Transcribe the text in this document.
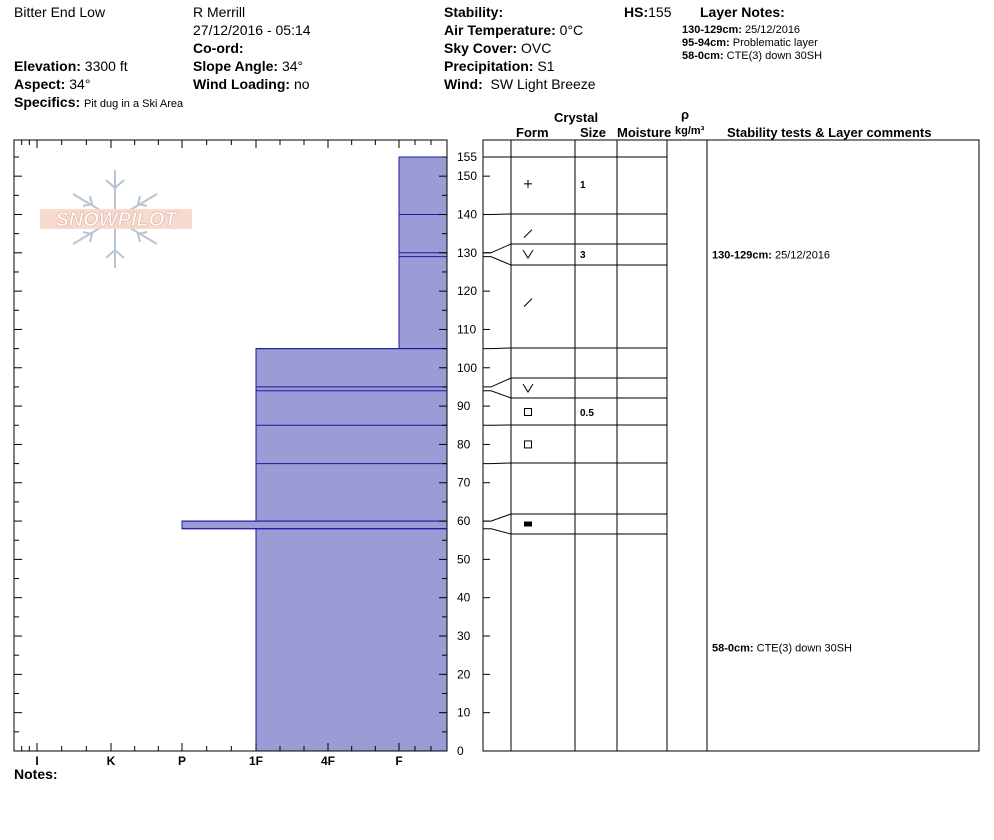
Bitter End Low
Elevation: 3300 ft
Aspect: 34°
Specifics: Pit dug in a Ski Area
R Merrill
27/12/2016 - 05:14
Co-ord:
Slope Angle: 34°
Wind Loading: no
Stability:
Air Temperature: 0°C
Sky Cover: OVC
Precipitation: S1
Wind: SW Light Breeze
HS:155 Layer Notes:
130-129cm: 25/12/2016
95-94cm: Problematic layer
58-0cm: CTE(3) down 30SH
Crystal
Form Size Moisture
ρ
kg/m³ Stability tests & Layer comments
Notes:
SNOWPILOT
I	K	P	1F	4F	F
0
10
20
30
40
50
60
70
80
90
100
110
120
130
140
150
155
1
3
0.5
130-129cm: 25/12/2016
58-0cm: CTE(3) down 30SH
